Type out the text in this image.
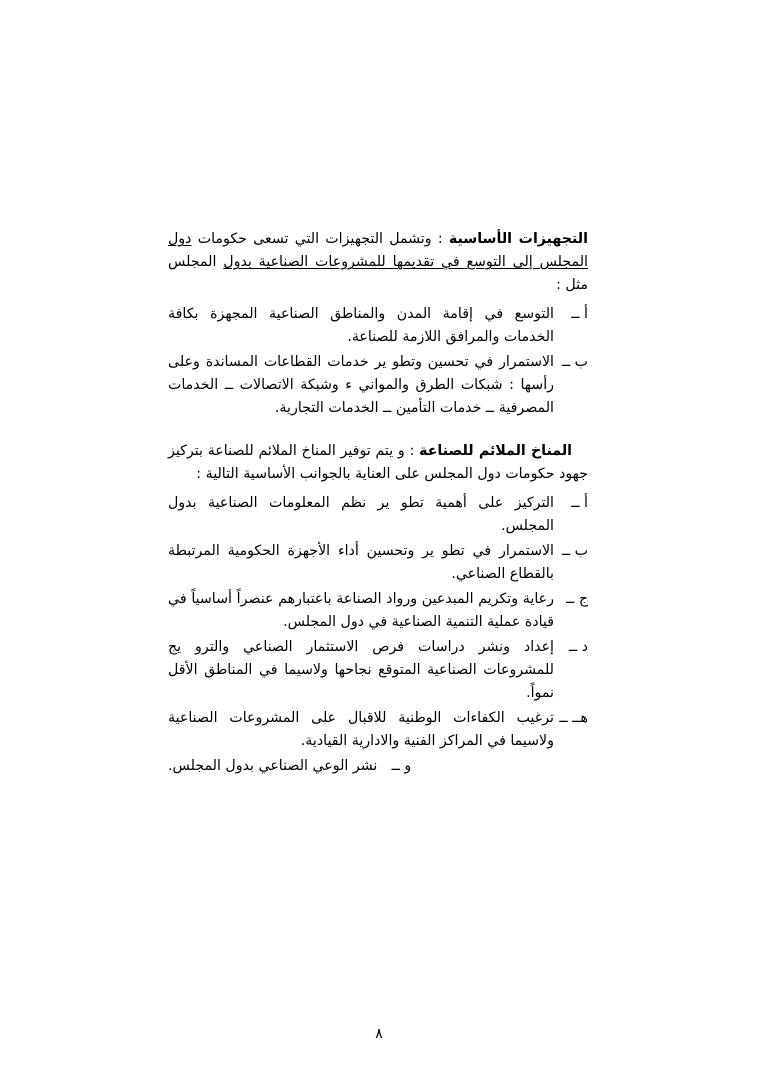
التجهيزات الأساسية : وتشمل التجهيزات التي تسعى حكومات دول المجلس إلى التوسع في تقديمها للمشروعات الصناعية بدول المجلس مثل :

أ ــ
التوسع في إقامة المدن والمناطق الصناعية المجهزة بكافة الخدمات والمرافق اللازمة للصناعة.
ب ــ
الاستمرار في تحسين وتطو ير خدمات القطاعات المساندة وعلى رأسها : شبكات الطرق والمواني ء وشبكة الاتصالات ــ الخدمات المصرفية ــ خدمات التأمين ــ الخدمات التجارية.

المناخ الملائم للصناعة : و يتم توفير المناخ الملائم للصناعة بتركيز جهود حكومات دول المجلس على العناية بالجوانب الأساسية التالية :

أ ــ
التركيز على أهمية تطو ير نظم المعلومات الصناعية بدول المجلس.
ب ــ
الاستمرار في تطو ير وتحسين أداء الأجهزة الحكومية المرتبطة بالقطاع الصناعي.
ج ــ
رعاية وتكريم المبدعين ورواد الصناعة باعتبارهم عنصراً أساسياً في قيادة عملية التنمية الصناعية في دول المجلس.
د ــ
إعداد ونشر دراسات فرص الاستثمار الصناعي والترو يج للمشروعات الصناعية المتوقع نجاحها ولاسيما في المناطق الأقل نمواً.
هــ ــ
ترغيب الكفاءات الوطنية للاقبال على المشروعات الصناعية ولاسيما في المراكز الفنية والادارية القيادية.
و ــ
نشر الوعي الصناعي بدول المجلس.
٨
